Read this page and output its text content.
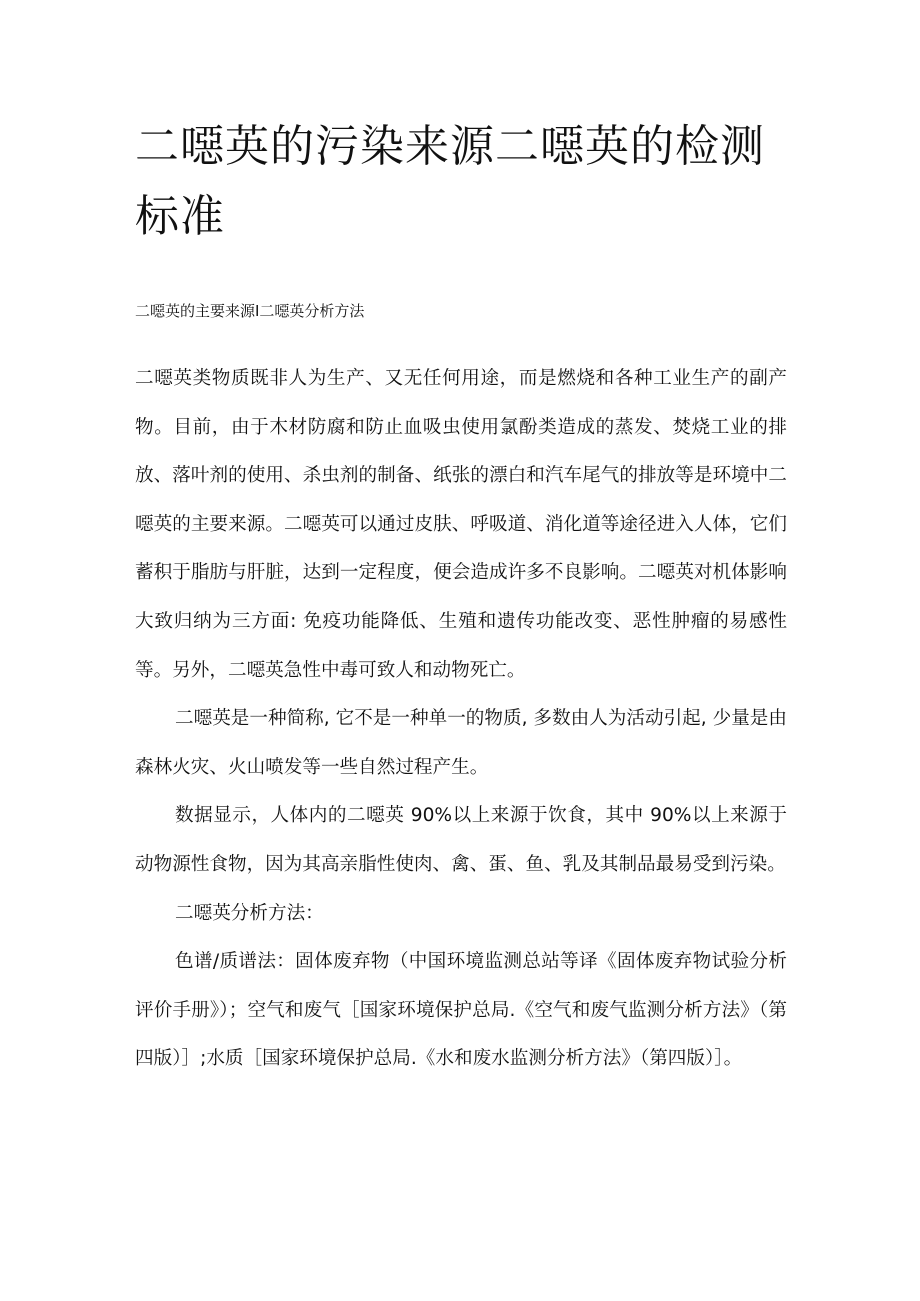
二噁英的污染来源二噁英的检测标准
二噁英的主要来源Ⅰ二噁英分析方法

二噁英类物质既非人为生产、又无任何用途，而是燃烧和各种工业生产的副产物。目前，由于木材防腐和防止血吸虫使用氯酚类造成的蒸发、焚烧工业的排放、落叶剂的使用、杀虫剂的制备、纸张的漂白和汽车尾气的排放等是环境中二噁英的主要来源。二噁英可以通过皮肤、呼吸道、消化道等途径进入人体，它们蓄积于脂肪与肝脏，达到一定程度，便会造成许多不良影响。二噁英对机体影响大致归纳为三方面: 免疫功能降低、生殖和遗传功能改变、恶性肿瘤的易感性等。另外，二噁英急性中毒可致人和动物死亡。

二噁英是一种简称, 它不是一种单一的物质, 多数由人为活动引起, 少量是由森林火灾、火山喷发等一些自然过程产生。

数据显示，人体内的二噁英 90%以上来源于饮食，其中 90%以上来源于动物源性食物，因为其高亲脂性使肉、禽、蛋、鱼、乳及其制品最易受到污染。

二噁英分析方法：

色谱/质谱法：固体废弃物（中国环境监测总站等译《固体废弃物试验分析评价手册》）；空气和废气［国家环境保护总局.《空气和废气监测分析方法》（第四版）］;水质［国家环境保护总局.《水和废水监测分析方法》（第四版）］。
